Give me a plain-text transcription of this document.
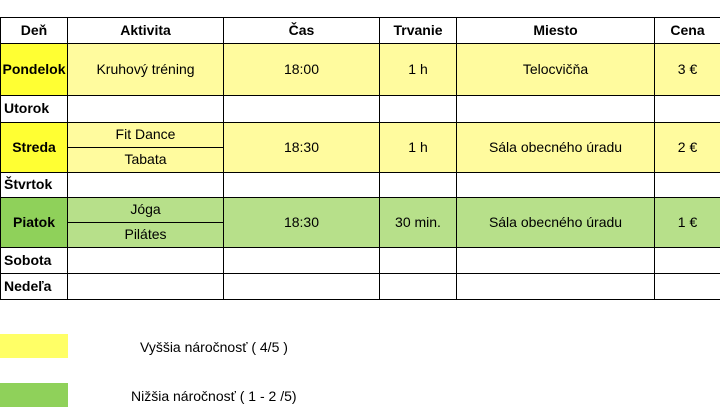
Deň	Aktivita	Čas	Trvanie	Miesto	Cena
Pondelok	Kruhový tréning	18:00	1 h	Telocvičňa	3 €
Utorok					
Streda	Fit Dance	18:30	1 h	Sála obecného úradu	2 €
	Tabata				
Štvrtok					
Piatok	Jóga	18:30	30 min.	Sála obecného úradu	1 €
	Pilátes				
Sobota					
Nedeľa					
Vyššia náročnosť ( 4/5 )
Nižšia náročnosť ( 1 - 2 /5)
